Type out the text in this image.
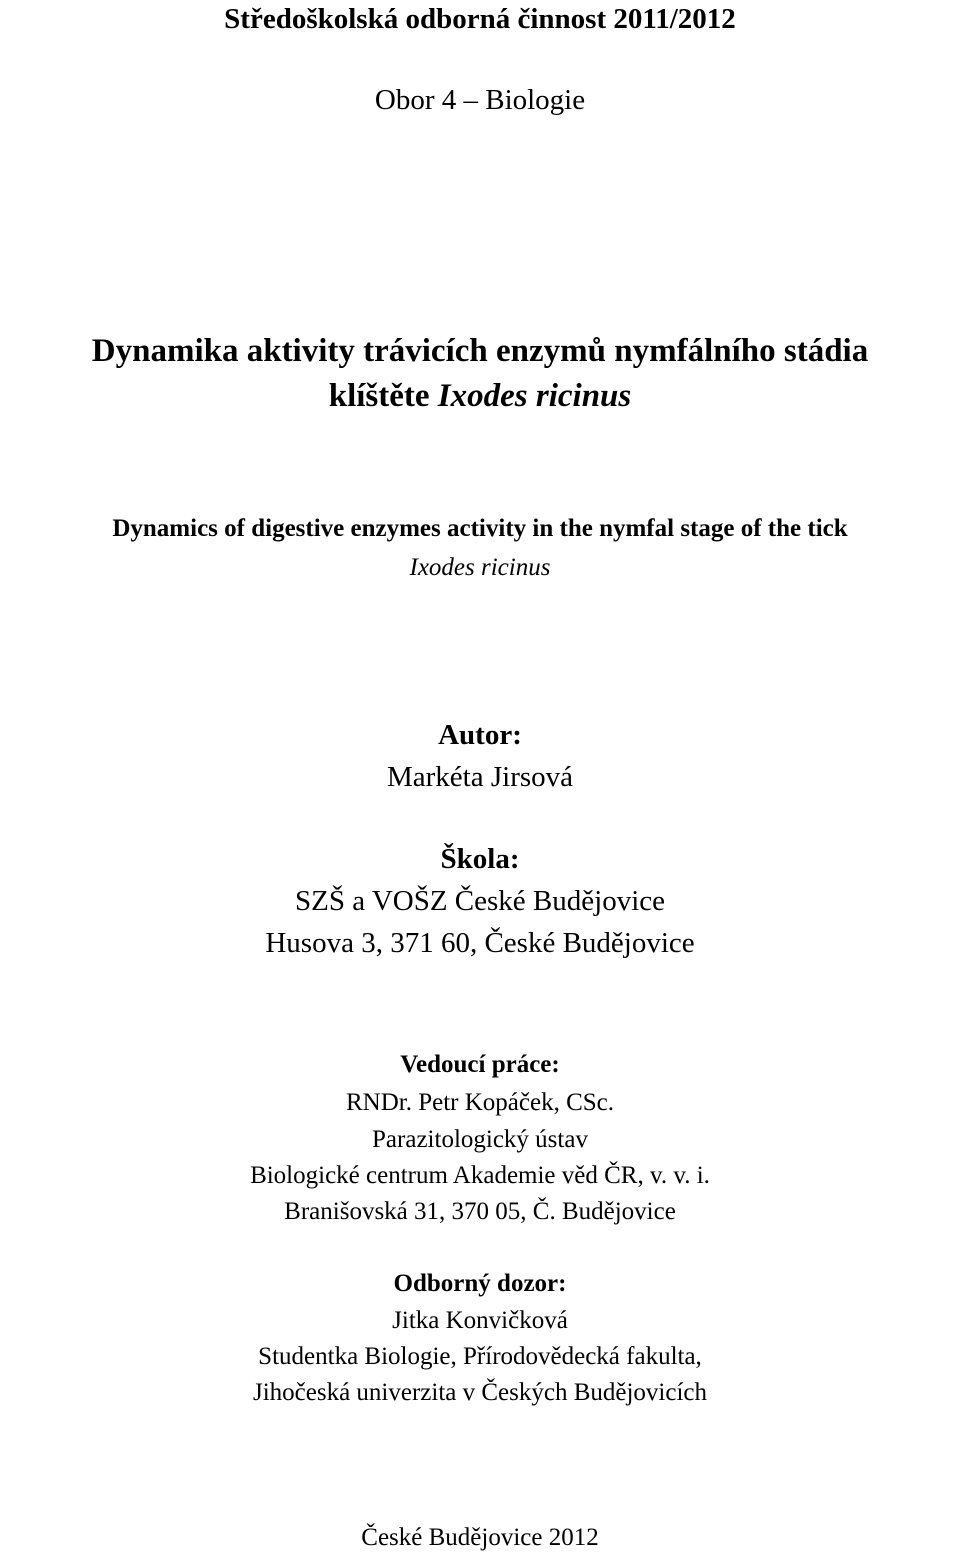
Středoškolská odborná činnost 2011/2012
Obor 4 – Biologie
Dynamika aktivity trávicích enzymů nymfálního stádia
klíštěte Ixodes ricinus
Dynamics of digestive enzymes activity in the nymfal stage of the tick
Ixodes ricinus
Autor:
Markéta Jirsová
Škola:
SZŠ a VOŠZ České Budějovice
Husova 3, 371 60, České Budějovice
Vedoucí práce:
RNDr. Petr Kopáček, CSc.
Parazitologický ústav
Biologické centrum Akademie věd ČR, v. v. i.
Branišovská 31, 370 05, Č. Budějovice
Odborný dozor:
Jitka Konvičková
Studentka Biologie, Přírodovědecká fakulta,
Jihočeská univerzita v Českých Budějovicích
České Budějovice 2012
